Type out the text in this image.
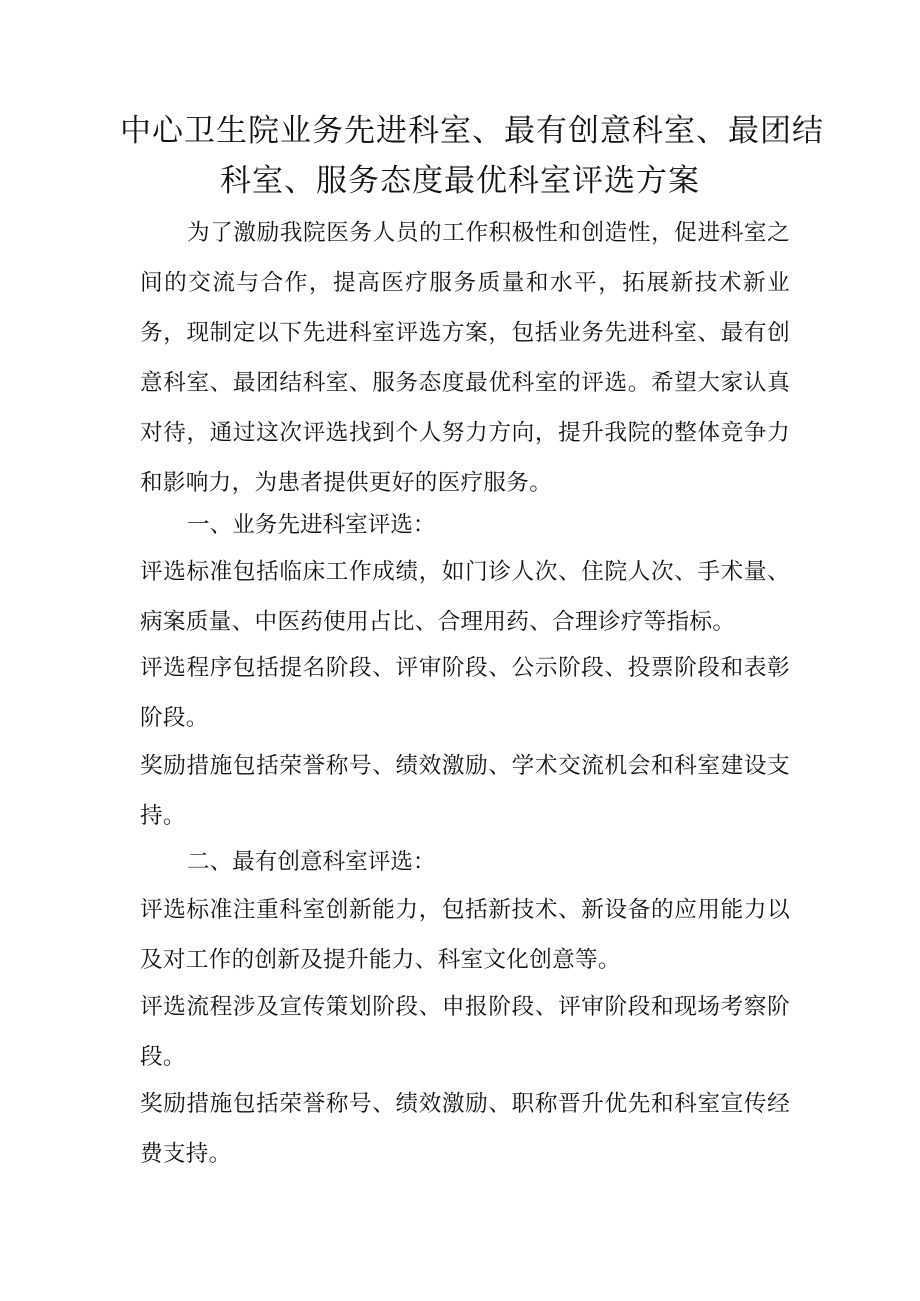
中心卫生院业务先进科室、最有创意科室、最团结
科室、服务态度最优科室评选方案

为了激励我院医务人员的工作积极性和创造性，促进科室之间的交流与合作，提高医疗服务质量和水平，拓展新技术新业务，现制定以下先进科室评选方案，包括业务先进科室、最有创意科室、最团结科室、服务态度最优科室的评选。希望大家认真对待，通过这次评选找到个人努力方向，提升我院的整体竞争力和影响力，为患者提供更好的医疗服务。

一、业务先进科室评选：

评选标准包括临床工作成绩，如门诊人次、住院人次、手术量、病案质量、中医药使用占比、合理用药、合理诊疗等指标。

评选程序包括提名阶段、评审阶段、公示阶段、投票阶段和表彰阶段。

奖励措施包括荣誉称号、绩效激励、学术交流机会和科室建设支持。

二、最有创意科室评选：

评选标准注重科室创新能力，包括新技术、新设备的应用能力以及对工作的创新及提升能力、科室文化创意等。

评选流程涉及宣传策划阶段、申报阶段、评审阶段和现场考察阶段。

奖励措施包括荣誉称号、绩效激励、职称晋升优先和科室宣传经费支持。
